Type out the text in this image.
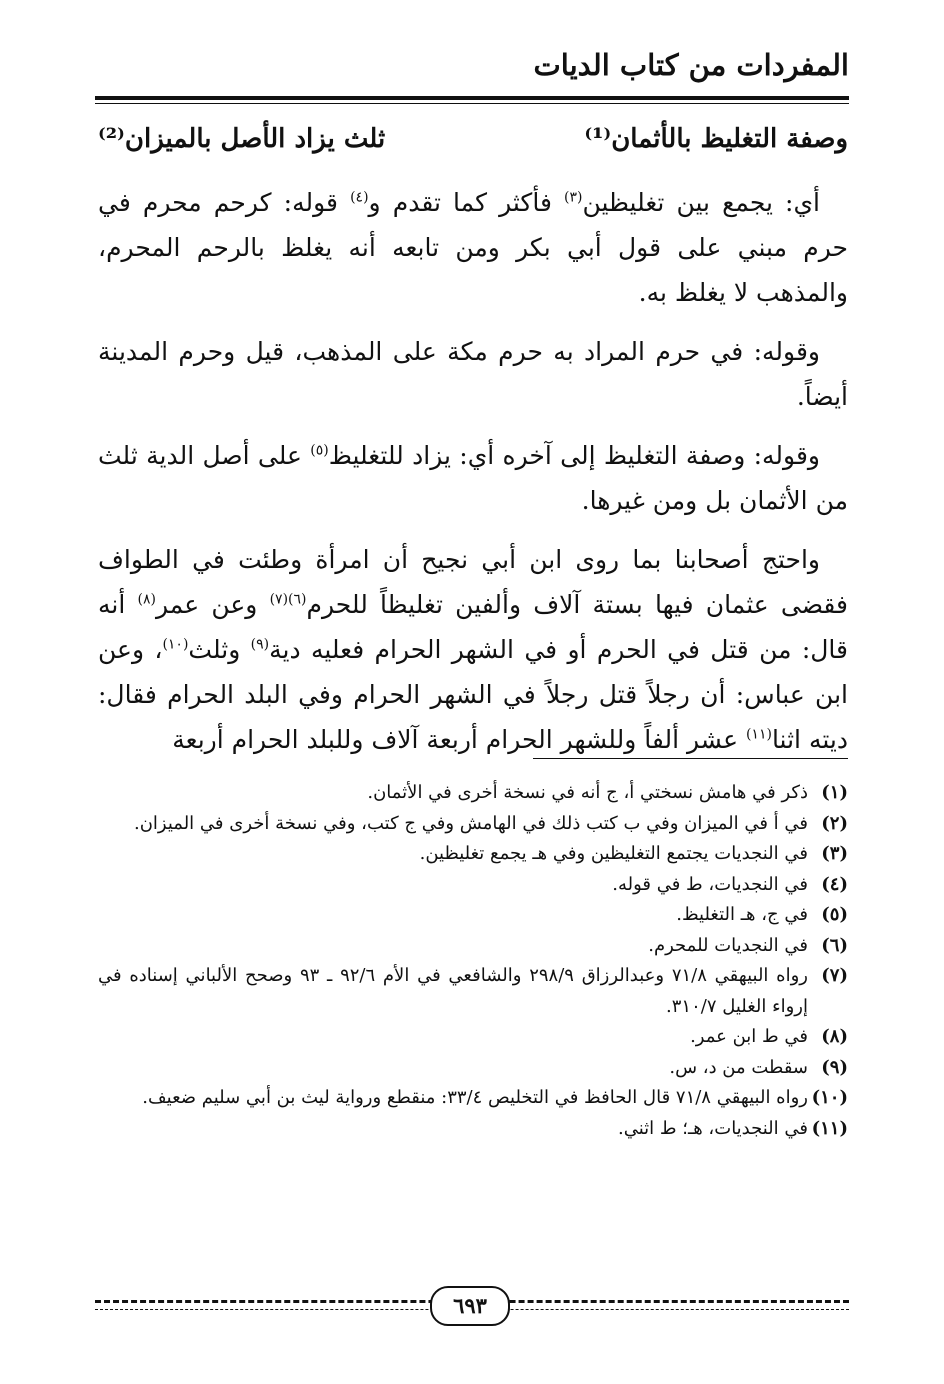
المفردات من كتاب الديات
وصفة التغليظ بالأثمان⁽¹⁾
ثلث يزاد الأصل بالميزان⁽²⁾

أي: يجمع بين تغليظين$^{(٣)}$ فأكثر كما تقدم و$^{(٤)}$ قوله: كرحم محرم في حرم مبني على قول أبي بكر ومن تابعه أنه يغلظ بالرحم المحرم، والمذهب لا يغلظ به.

وقوله: في حرم المراد به حرم مكة على المذهب، قيل وحرم المدينة أيضاً.

وقوله: وصفة التغليظ إلى آخره أي: يزاد للتغليظ$^{(٥)}$ على أصل الدية ثلث من الأثمان بل ومن غيرها.

واحتج أصحابنا بما روى ابن أبي نجيح أن امرأة وطئت في الطواف فقضى عثمان فيها بستة آلاف وألفين تغليظاً للحرم$^{(٦)(٧)}$ وعن عمر$^{(٨)}$ أنه قال: من قتل في الحرم أو في الشهر الحرام فعليه دية$^{(٩)}$ وثلث$^{(١٠)}$، وعن ابن عباس: أن رجلاً قتل رجلاً في الشهر الحرام وفي البلد الحرام فقال: ديته اثنا$^{(١١)}$ عشر ألفاً وللشهر الحرام أربعة آلاف وللبلد الحرام أربعة

(١)
ذكر في هامش نسختي أ، ج أنه في نسخة أخرى في الأثمان.
(٢)
في أ في الميزان وفي ب كتب ذلك في الهامش وفي ج كتب، وفي نسخة أخرى في الميزان.
(٣)
في النجديات يجتمع التغليظين وفي هـ يجمع تغليظين.
(٤)
في النجديات، ط في قوله.
(٥)
في ج، هـ التغليظ.
(٦)
في النجديات للمحرم.
(٧)
رواه البيهقي ٧١/٨ وعبدالرزاق ٢٩٨/٩ والشافعي في الأم ٩٢/٦ ـ ٩٣ وصحح الألباني إسناده في إرواء الغليل ٣١٠/٧.
(٨)
في ط ابن عمر.
(٩)
سقطت من د، س.
(١٠)
رواه البيهقي ٧١/٨ قال الحافظ في التخليص ٣٣/٤: منقطع ورواية ليث بن أبي سليم ضعيف.
(١١)
في النجديات، هـ؛ ط اثني.
٦٩٣
